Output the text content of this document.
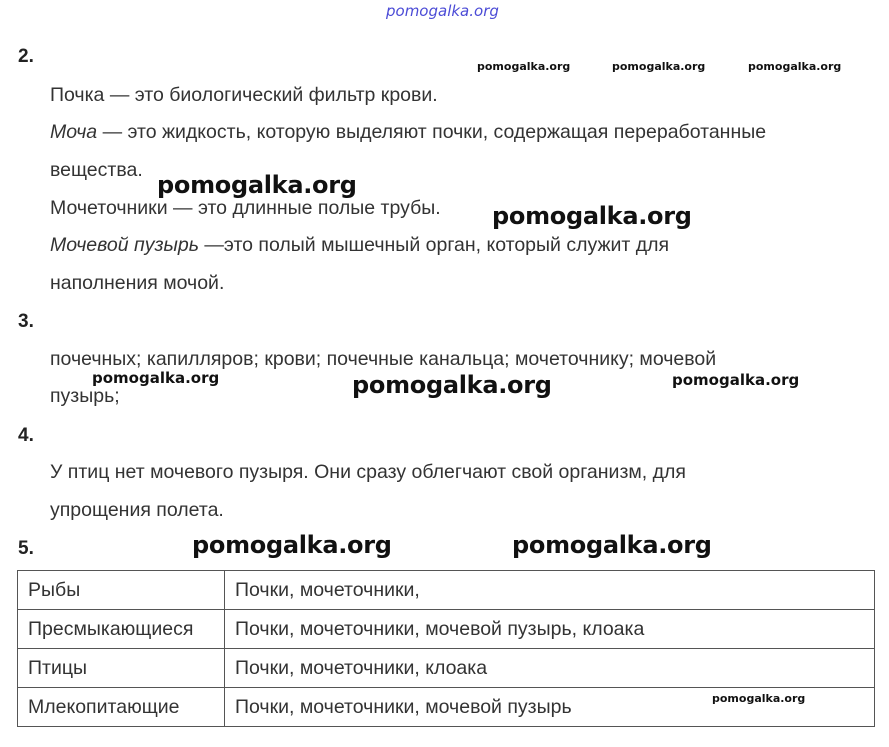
pomogalka.org
2.	pomogalka.org	pomogalka.org	pomogalka.org
Почка — это биологический фильтр крови.
Моча — это жидкость, которую выделяют почки, содержащая переработанные
вещества.
pomogalka.org
Мочеточники — это длинные полые трубы. pomogalka.org
Мочевой пузырь —это полый мышечный орган, который служит для
наполнения мочой.
3.
почечных; капилляров; крови; почечные канальца; мочеточнику; мочевой
pomogalka.org	pomogalka.org	pomogalka.org
пузырь;
4.
У птиц нет мочевого пузыря. Они сразу облегчают свой организм, для
упрощения полета.
5.	pomogalka.org	pomogalka.org
Рыбы	Почки, мочеточники,
Пресмыкающиеся	Почки, мочеточники, мочевой пузырь, клоака
Птицы	Почки, мочеточники, клоака
Млекопитающие	Почки, мочеточники, мочевой пузырь	pomogalka.org
